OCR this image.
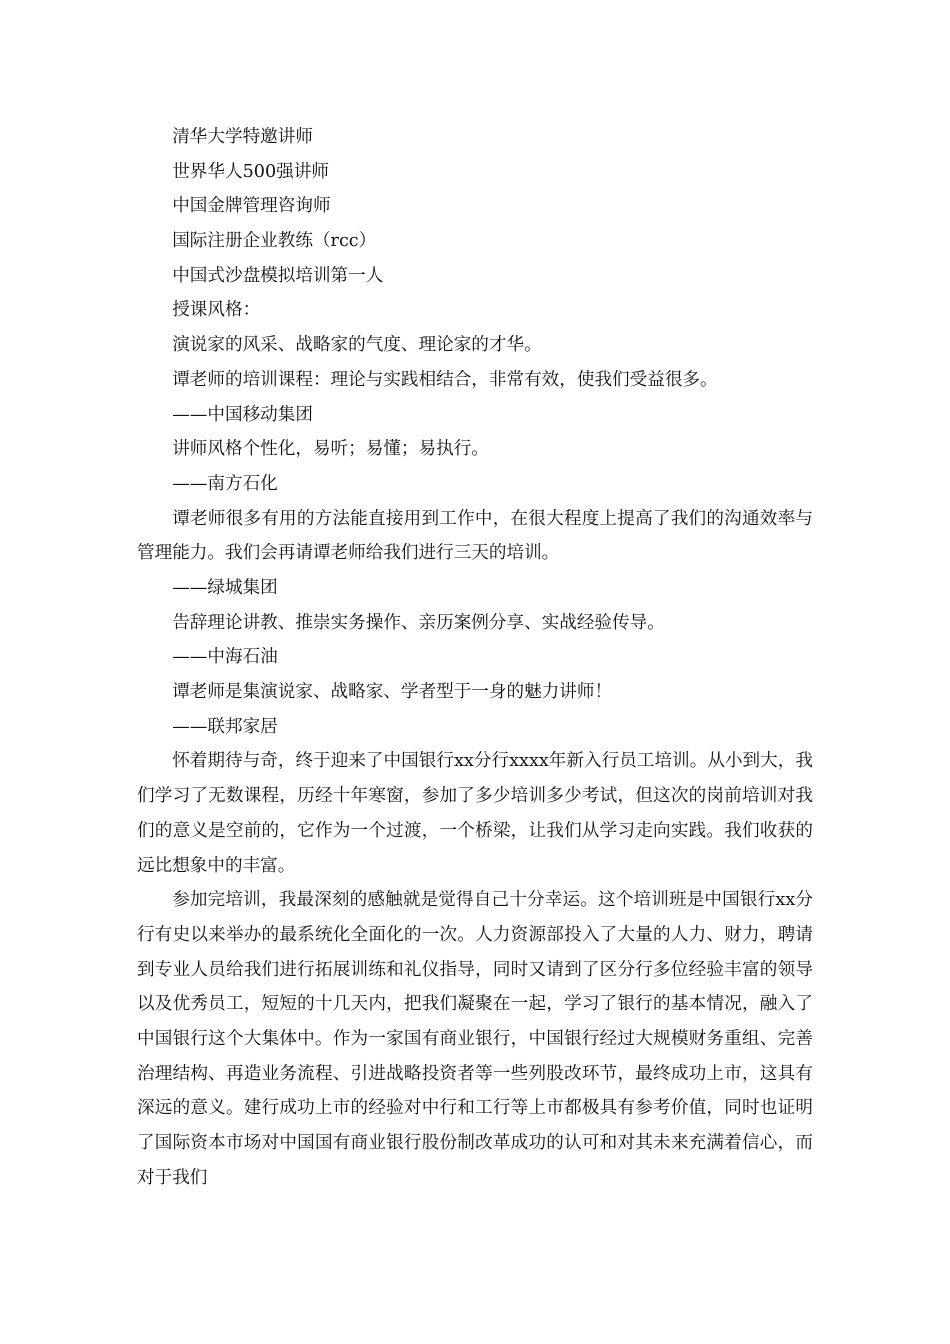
清华大学特邀讲师
世界华人500强讲师
中国金牌管理咨询师
国际注册企业教练（rcc）
中国式沙盘模拟培训第一人
授课风格：
演说家的风采、战略家的气度、理论家的才华。
谭老师的培训课程：理论与实践相结合，非常有效，使我们受益很多。
——中国移动集团
讲师风格个性化，易听；易懂；易执行。
——南方石化
谭老师很多有用的方法能直接用到工作中，在很大程度上提高了我们的沟通效率与管理能力。我们会再请谭老师给我们进行三天的培训。
——绿城集团
告辞理论讲教、推崇实务操作、亲历案例分享、实战经验传导。
——中海石油
谭老师是集演说家、战略家、学者型于一身的魅力讲师！
——联邦家居
怀着期待与奇，终于迎来了中国银行xx分行xxxx年新入行员工培训。从小到大，我们学习了无数课程，历经十年寒窗，参加了多少培训多少考试，但这次的岗前培训对我们的意义是空前的，它作为一个过渡，一个桥梁，让我们从学习走向实践。我们收获的远比想象中的丰富。
参加完培训，我最深刻的感触就是觉得自己十分幸运。这个培训班是中国银行xx分行有史以来举办的最系统化全面化的一次。人力资源部投入了大量的人力、财力，聘请到专业人员给我们进行拓展训练和礼仪指导，同时又请到了区分行多位经验丰富的领导以及优秀员工，短短的十几天内，把我们凝聚在一起，学习了银行的基本情况，融入了中国银行这个大集体中。作为一家国有商业银行，中国银行经过大规模财务重组、完善治理结构、再造业务流程、引进战略投资者等一些列股改环节，最终成功上市，这具有深远的意义。建行成功上市的经验对中行和工行等上市都极具有参考价值，同时也证明了国际资本市场对中国国有商业银行股份制改革成功的认可和对其未来充满着信心，而对于我们
